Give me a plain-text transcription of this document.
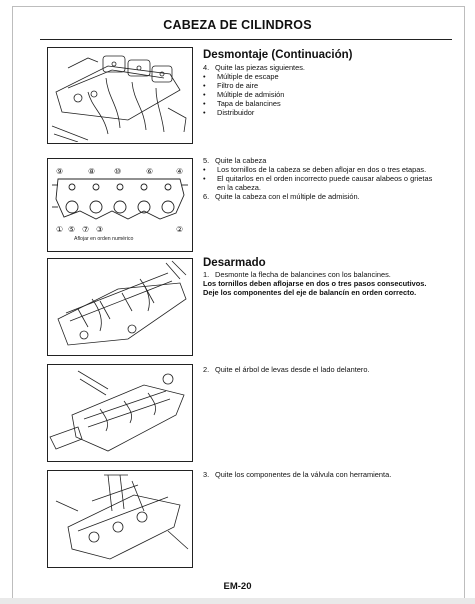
CABEZA DE CILINDROS
⑨	⑧ ⑩	⑥	④
① ⑤ ⑦ ③	②
Aflojar en orden numérico
Desmontaje (Continuación)
4. Quite las piezas siguientes.
• Múltiple de escape
• Filtro de aire
• Múltiple de admisión
• Tapa de balancines
• Distribuidor
5. Quite la cabeza
• Los tornillos de la cabeza se deben aflojar en dos o tres etapas.
• El quitarlos en el orden incorrecto puede causar alabeos o grietas
en la cabeza.
6. Quite la cabeza con el múltiple de admisión.
Desarmado
1. Desmonte la flecha de balancines con los balancines.
Los tornillos deben aflojarse en dos o tres pasos consecutivos.
Deje los componentes del eje de balancín en orden correcto.
2. Quite el árbol de levas desde el lado delantero.
3. Quite los componentes de la válvula con herramienta.
EM-20
